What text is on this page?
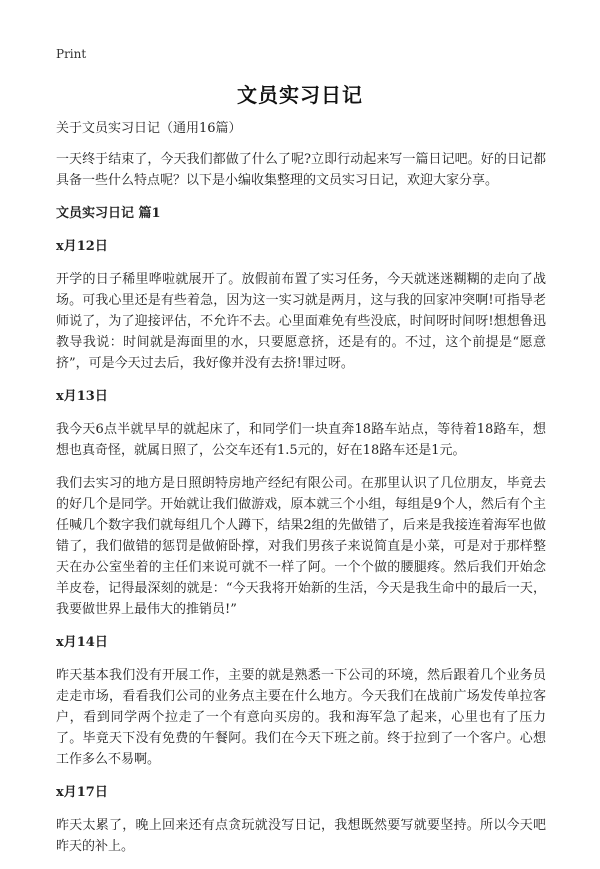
Print
文员实习日记

关于文员实习日记（通用16篇）

一天终于结束了，今天我们都做了什么了呢?立即行动起来写一篇日记吧。好的日记都具备一些什么特点呢？以下是小编收集整理的文员实习日记，欢迎大家分享。

文员实习日记 篇1

x月12日

开学的日子稀里哗啦就展开了。放假前布置了实习任务，今天就迷迷糊糊的走向了战场。可我心里还是有些着急，因为这一实习就是两月，这与我的回家冲突啊!可指导老师说了，为了迎接评估，不允许不去。心里面难免有些没底，时间呀时间呀!想想鲁迅教导我说：时间就是海面里的水，只要愿意挤，还是有的。不过，这个前提是“愿意挤”，可是今天过去后，我好像并没有去挤!罪过呀。

x月13日

我今天6点半就早早的就起床了，和同学们一块直奔18路车站点，等待着18路车，想想也真奇怪，就属日照了，公交车还有1.5元的，好在18路车还是1元。

我们去实习的地方是日照朗特房地产经纪有限公司。在那里认识了几位朋友，毕竟去的好几个是同学。开始就让我们做游戏，原本就三个小组，每组是9个人，然后有个主任喊几个数字我们就每组几个人蹲下，结果2组的先做错了，后来是我接连着海军也做错了，我们做错的惩罚是做俯卧撑，对我们男孩子来说简直是小菜，可是对于那样整天在办公室坐着的主任们来说可就不一样了阿。一个个做的腰腿疼。然后我们开始念羊皮卷，记得最深刻的就是：“今天我将开始新的生活，今天是我生命中的最后一天，我要做世界上最伟大的推销员!”

x月14日

昨天基本我们没有开展工作，主要的就是熟悉一下公司的环境，然后跟着几个业务员走走市场，看看我们公司的业务点主要在什么地方。今天我们在战前广场发传单拉客户，看到同学两个拉走了一个有意向买房的。我和海军急了起来，心里也有了压力了。毕竟天下没有免费的午餐阿。我们在今天下班之前。终于拉到了一个客户。心想工作多么不易啊。

x月17日

昨天太累了，晚上回来还有点贪玩就没写日记，我想既然要写就要坚持。所以今天吧昨天的补上。
